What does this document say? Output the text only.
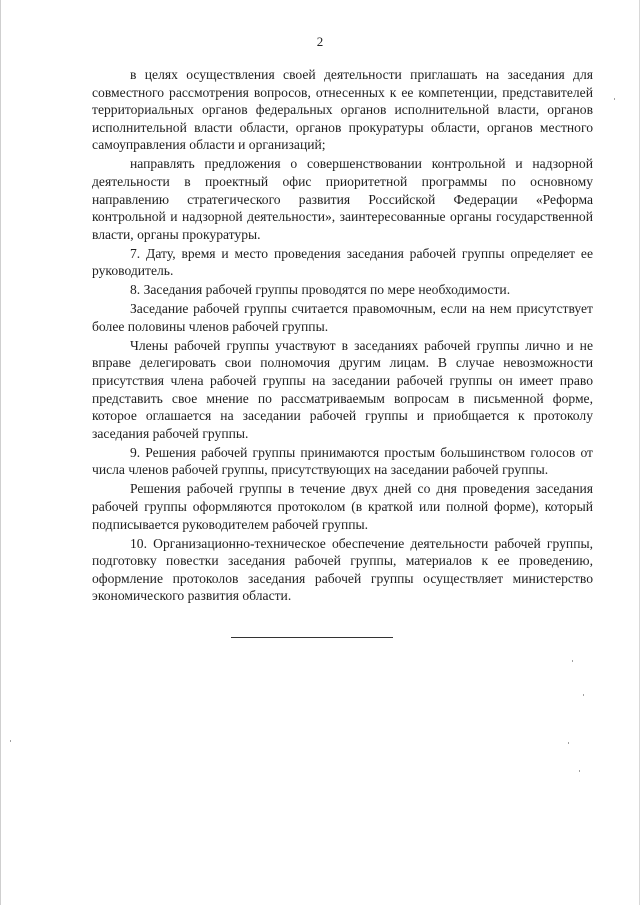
2

в целях осуществления своей деятельности приглашать на заседания для совместного рассмотрения вопросов, отнесенных к ее компетенции, представителей территориальных органов федеральных органов исполнительной власти, органов исполнительной власти области, органов прокуратуры области, органов местного самоуправления области и организаций;

направлять предложения о совершенствовании контрольной и надзорной деятельности в проектный офис приоритетной программы по основному направлению стратегического развития Российской Федерации «Реформа контрольной и надзорной деятельности», заинтересованные органы государственной власти, органы прокуратуры.

7. Дату, время и место проведения заседания рабочей группы определяет ее руководитель.

8. Заседания рабочей группы проводятся по мере необходимости.

Заседание рабочей группы считается правомочным, если на нем присутствует более половины членов рабочей группы.

Члены рабочей группы участвуют в заседаниях рабочей группы лично и не вправе делегировать свои полномочия другим лицам. В случае невозможности присутствия члена рабочей группы на заседании рабочей группы он имеет право представить свое мнение по рассматриваемым вопросам в письменной форме, которое оглашается на заседании рабочей группы и приобщается к протоколу заседания рабочей группы.

9. Решения рабочей группы принимаются простым большинством голосов от числа членов рабочей группы, присутствующих на заседании рабочей группы.

Решения рабочей группы в течение двух дней со дня проведения заседания рабочей группы оформляются протоколом (в краткой или полной форме), который подписывается руководителем рабочей группы.

10. Организационно-техническое обеспечение деятельности рабочей группы, подготовку повестки заседания рабочей группы, материалов к ее проведению, оформление протоколов заседания рабочей группы осуществляет министерство экономического развития области.
